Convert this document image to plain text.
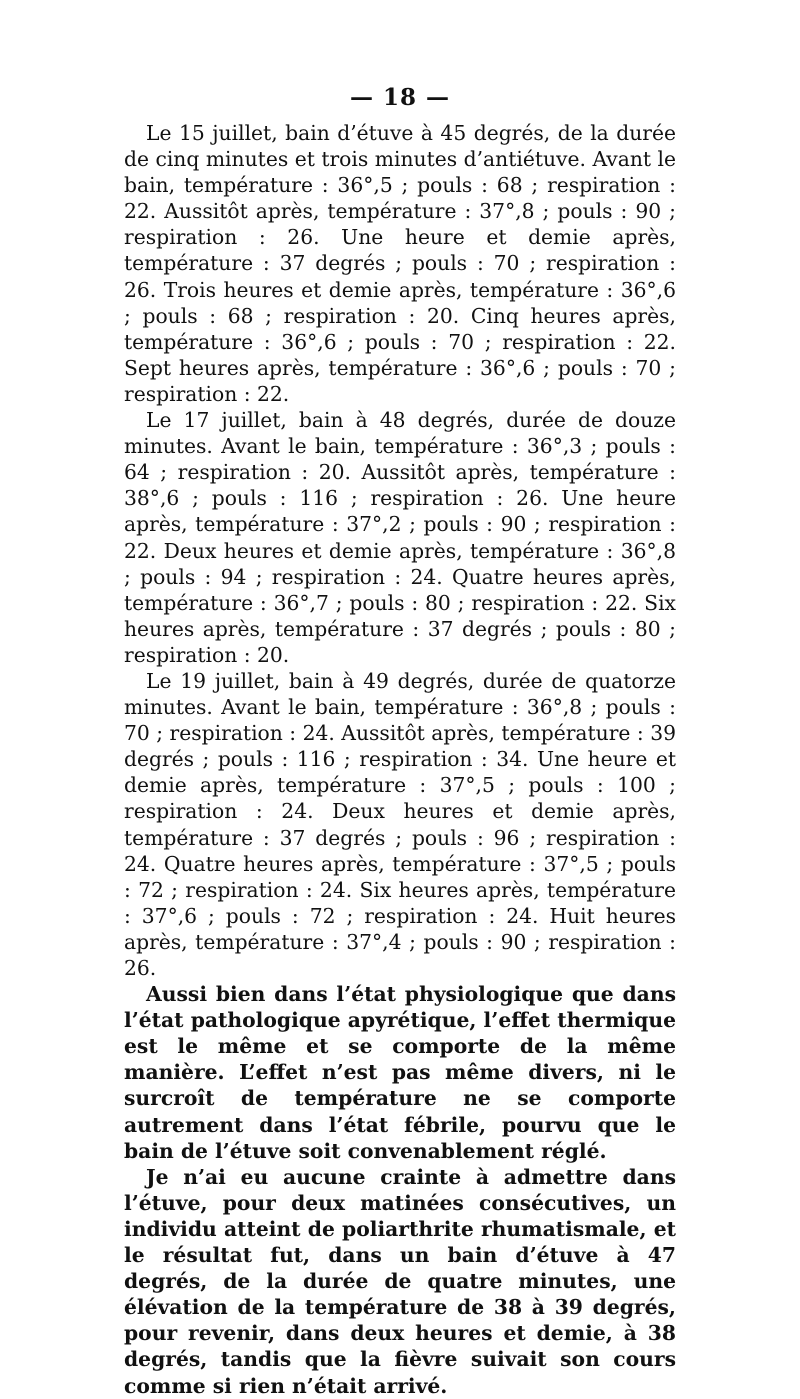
— 18 —

Le 15 juillet, bain d’étuve à 45 degrés, de la durée de cinq minutes et trois minutes d’antiétuve. Avant le bain, température : 36°,5 ; pouls : 68 ; respiration : 22. Aussitôt après, température : 37°,8 ; pouls : 90 ; respiration : 26. Une heure et demie après, température : 37 degrés ; pouls : 70 ; respiration : 26. Trois heures et demie après, température : 36°,6 ; pouls : 68 ; respiration : 20. Cinq heures après, température : 36°,6 ; pouls : 70 ; respiration : 22. Sept heures après, température : 36°,6 ; pouls : 70 ; respiration : 22.

Le 17 juillet, bain à 48 degrés, durée de douze minutes. Avant le bain, température : 36°,3 ; pouls : 64 ; respiration : 20. Aussitôt après, température : 38°,6 ; pouls : 116 ; respiration : 26. Une heure après, température : 37°,2 ; pouls : 90 ; respiration : 22. Deux heures et demie après, température : 36°,8 ; pouls : 94 ; respiration : 24. Quatre heures après, température : 36°,7 ; pouls : 80 ; respiration : 22. Six heures après, température : 37 degrés ; pouls : 80 ; respiration : 20.

Le 19 juillet, bain à 49 degrés, durée de quatorze minutes. Avant le bain, température : 36°,8 ; pouls : 70 ; respiration : 24. Aussitôt après, température : 39 degrés ; pouls : 116 ; respiration : 34. Une heure et demie après, température : 37°,5 ; pouls : 100 ; respiration : 24. Deux heures et demie après, température : 37 degrés ; pouls : 96 ; respiration : 24. Quatre heures après, température : 37°,5 ; pouls : 72 ; respiration : 24. Six heures après, température : 37°,6 ; pouls : 72 ; respiration : 24. Huit heures après, température : 37°,4 ; pouls : 90 ; respiration : 26.

Aussi bien dans l’état physiologique que dans l’état pathologique apyrétique, l’effet thermique est le même et se comporte de la même manière. L’effet n’est pas même divers, ni le surcroît de température ne se comporte autrement dans l’état fébrile, pourvu que le bain de l’étuve soit convenablement réglé.

Je n’ai eu aucune crainte à admettre dans l’étuve, pour deux matinées consécutives, un individu atteint de poliarthrite rhumatismale, et le résultat fut, dans un bain d’étuve à 47 degrés, de la durée de quatre minutes, une élévation de la température de 38 à 39 degrés, pour revenir, dans deux heures et demie, à 38 degrés, tandis que la fièvre suivait son cours comme si rien n’était arrivé.
